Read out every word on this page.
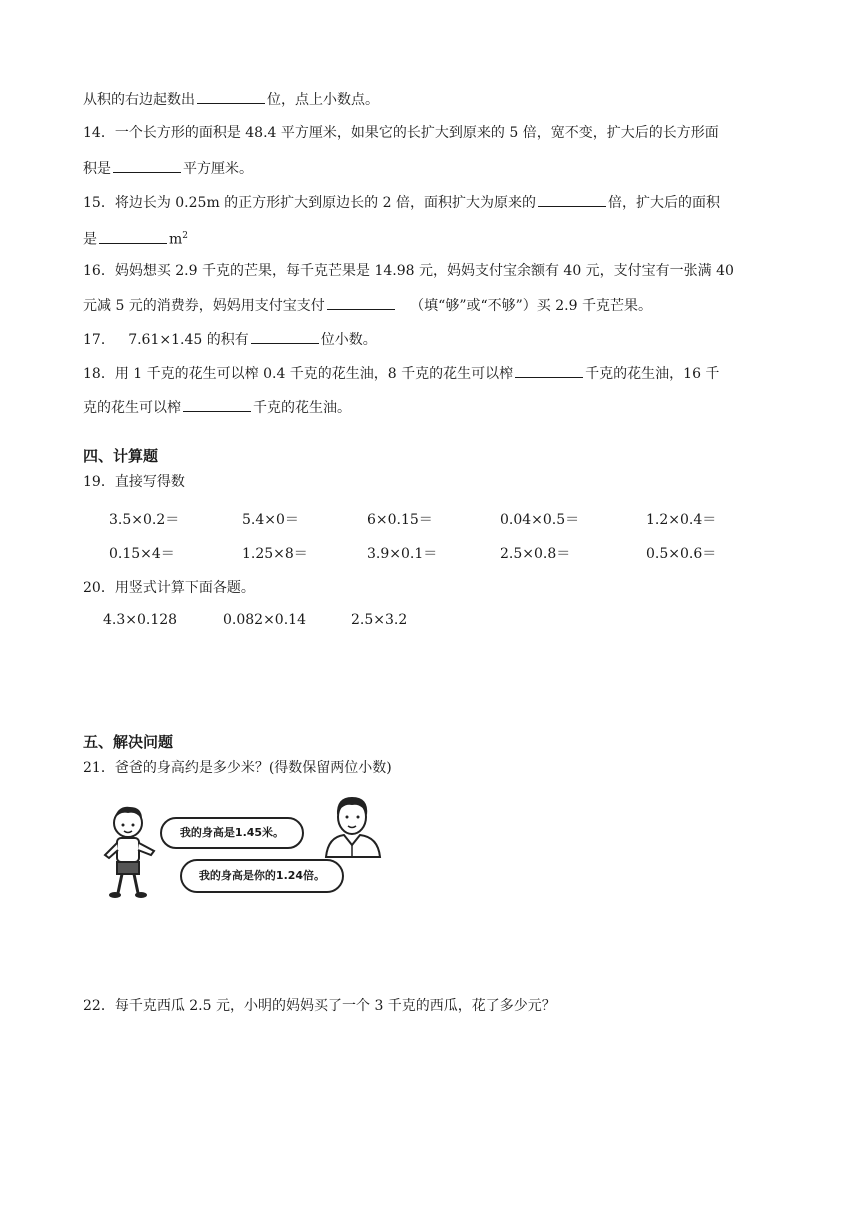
从积的右边起数出	位，点上小数点。
14．一个长方形的面积是 48.4 平方厘米，如果它的长扩大到原来的 5 倍，宽不变，扩大后的长方形面
积是	平方厘米。
15．将边长为 0.25m 的正方形扩大到原边长的 2 倍，面积扩大为原来的	倍，扩大后的面积
是	$m^2$
16．妈妈想买 2.9 千克的芒果，每千克芒果是 14.98 元，妈妈支付宝余额有 40 元，支付宝有一张满 40
元减 5 元的消费券，妈妈用支付宝支付	（填“够”或“不够”）买 2.9 千克芒果。
17． 7.61×1.45 的积有	位小数。
18．用 1 千克的花生可以榨 0.4 千克的花生油，8 千克的花生可以榨	千克的花生油，16 千
克的花生可以榨	千克的花生油。
四、计算题
19．直接写得数
3.5×0.2＝	5.4×0＝	6×0.15＝	0.04×0.5＝	1.2×0.4＝
0.15×4＝	1.25×8＝	3.9×0.1＝	2.5×0.8＝	0.5×0.6＝
20．用竖式计算下面各题。
4.3×0.128	0.082×0.14	2.5×3.2
五、解决问题
21．爸爸的身高约是多少米？(得数保留两位小数)
我的身高是1.45米。
我的身高是你的1.24倍。
22．每千克西瓜 2.5 元，小明的妈妈买了一个 3 千克的西瓜，花了多少元？
